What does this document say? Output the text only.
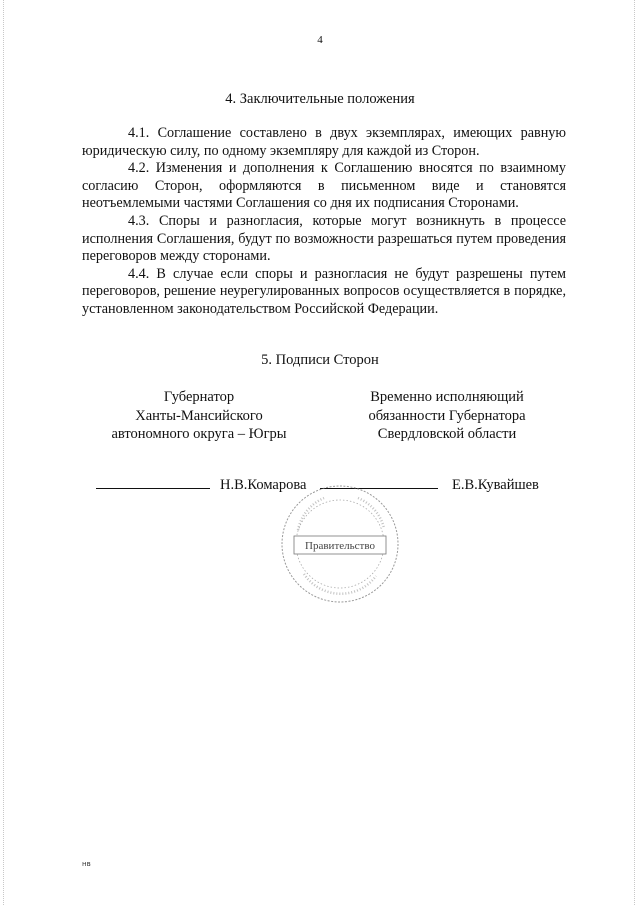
4
4. Заключительные положения

4.1. Соглашение составлено в двух экземплярах, имеющих равную юридическую силу, по одному экземпляру для каждой из Сторон.

4.2. Изменения и дополнения к Соглашению вносятся по взаимному согласию Сторон, оформляются в письменном виде и становятся неотъемлемыми частями Соглашения со дня их подписания Сторонами.

4.3. Споры и разногласия, которые могут возникнуть в процессе исполнения Соглашения, будут по возможности разрешаться путем проведения переговоров между сторонами.

4.4. В случае если споры и разногласия не будут разрешены путем переговоров, решение неурегулированных вопросов осуществляется в порядке, установленном законодательством Российской Федерации.

5. Подписи Сторон
Губернатор
Ханты-Мансийского
автономного округа – Югры
Временно исполняющий
обязанности Губернатора
Свердловской области
Н.В.Комарова	Е.В.Кувайшев
Правительство
нв
